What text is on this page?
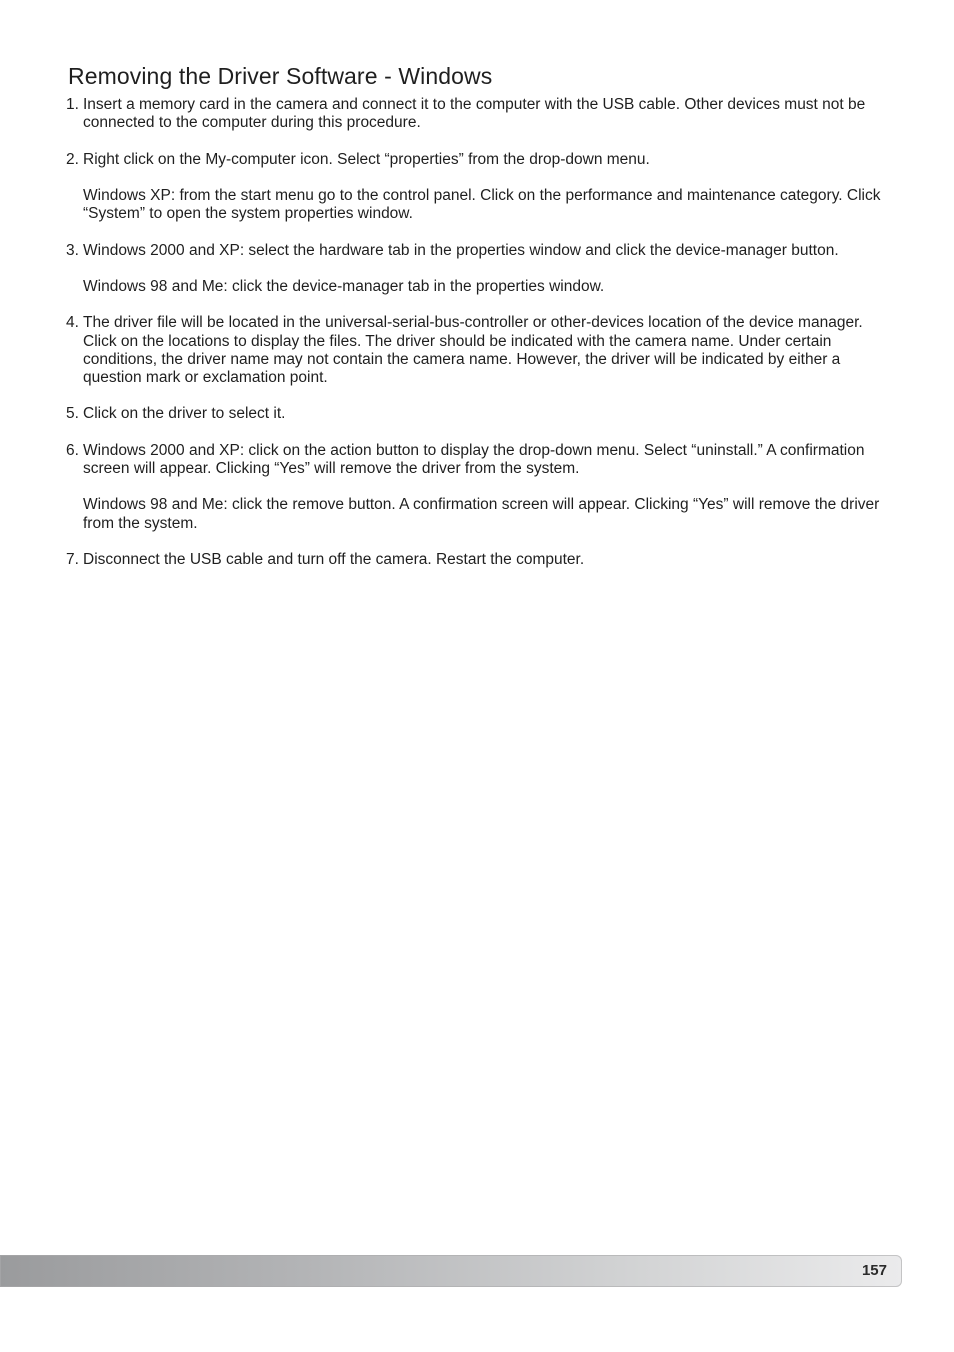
Removing the Driver Software - Windows
1. Insert a memory card in the camera and connect it to the computer with the USB cable. Other devices must not be connected to the computer during this procedure.

2. Right click on the My-computer icon. Select “properties” from the drop-down menu.

Windows XP: from the start menu go to the control panel. Click on the performance and maintenance category. Click “System” to open the system properties window.

3. Windows 2000 and XP: select the hardware tab in the properties window and click the device-manager button.

Windows 98 and Me: click the device-manager tab in the properties window.

4. The driver file will be located in the universal-serial-bus-controller or other-devices location of the device manager. Click on the locations to display the files. The driver should be indicated with the camera name. Under certain conditions, the driver name may not contain the camera name. However, the driver will be indicated by either a question mark or exclamation point.

5. Click on the driver to select it.

6. Windows 2000 and XP: click on the action button to display the drop-down menu. Select “uninstall.” A confirmation screen will appear. Clicking “Yes” will remove the driver from the system.

Windows 98 and Me: click the remove button. A confirmation screen will appear. Clicking “Yes” will remove the driver from the system.

7. Disconnect the USB cable and turn off the camera. Restart the computer.

157
